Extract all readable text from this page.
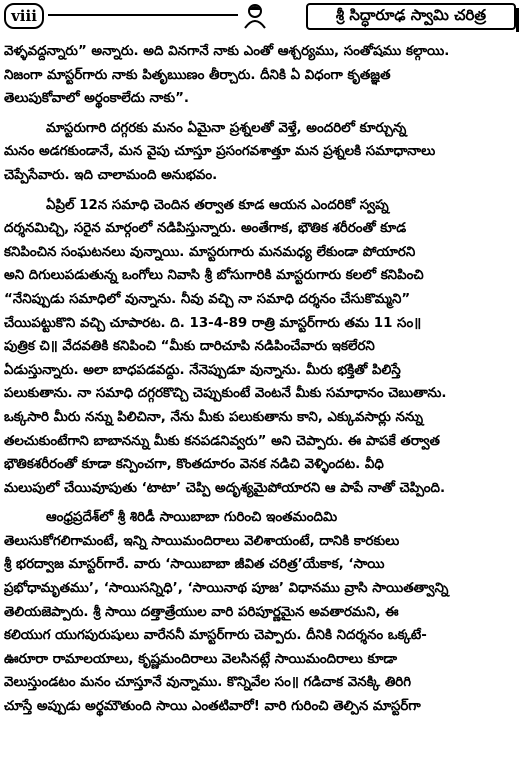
viii	శ్రీ సిద్ధారూఢ స్వామి చరిత్ర
వెళ్ళవద్దన్నారు” అన్నారు. అది వినగానే నాకు ఎంతో ఆశ్చర్యము, సంతోషము కల్గాయి.
నిజంగా మాస్టర్‌గారు నాకు పితృఋణం తీర్చారు. దీనికి ఏ విధంగా కృతజ్ఞత
తెలుపుకోవాలో అర్థంకాలేదు నాకు”.
మాస్టరుగారి దగ్గరకు మనం ఏమైనా ప్రశ్నలతో వెళ్తే, అందరిలో కూర్చున్న
మనం అడగకుండానే, మన వైపు చూస్తూ ప్రసంగవశాత్తూ మన ప్రశ్నలకి సమాధానాలు
చెప్పేసేవారు. ఇది చాలామంది అనుభవం.
ఏప్రిల్ 12న సమాధి చెందిన తర్వాత కూడ ఆయన ఎందరికో స్వప్న
దర్శనమిచ్చి, సరైన మార్గంలో నడిపిస్తున్నారు. అంతేగాక, భౌతిక శరీరంతో కూడ
కనిపించిన సంఘటనలు వున్నాయి. మాస్టరుగారు మనమధ్య లేకుండా పోయారని
అని దిగులుపడుతున్న ఒంగోలు నివాసి శ్రీ బోసుగారికి మాస్టరుగారు కలలో కనిపించి
“నేనిప్పుడు సమాధిలో వున్నాను. నీవు వచ్చి నా సమాధి దర్శనం చేసుకొమ్మని”
చేయిపట్టుకొని వచ్చి చూపారట. ది. 13-4-89 రాత్రి మాస్టర్‌గారు తమ 11 సం॥
పుత్రిక చి॥ వేదవతికి కనిపించి “మీకు దారిచూపి నడిపించేవారు ఇకలేరని
ఏడుస్తున్నారు. అలా బాధపడవద్దు. నేనెప్పుడూ వున్నాను. మీరు భక్తితో పిలిస్తే
పలుకుతాను. నా సమాధి దగ్గరకొచ్చి చెప్పుకుంటే వెంటనే మీకు సమాధానం చెబుతాను.
ఒక్కసారి మీరు నన్ను పిలిచినా, నేను మీకు పలుకుతాను కాని, ఎక్కువసార్లు నన్ను
తలచుకుంటేగాని బాబానన్ను మీకు కనపడనివ్వరు” అని చెప్పారు. ఈ పాపకే తర్వాత
భౌతికశరీరంతో కూడా కన్పించగా, కొంతదూరం వెనక నడిచి వెళ్ళిందట. వీధి
మలుపులో చేయివూపుతు ‘టాటా’ చెప్పి అదృశ్యమైపోయారని ఆ పాపే నాతో చెప్పింది.
ఆంధ్రప్రదేశ్‌లో శ్రీ శిరిడీ సాయిబాబా గురించి ఇంతమందిమి
తెలుసుకోగలిగామంటే, ఇన్ని సాయిమందిరాలు వెలిశాయంటే, దానికి కారకులు
శ్రీ భరద్వాజ మాస్టర్‌గారే. వారు ‘సాయిబాబా జీవిత చరిత్ర’యేకాక, ‘సాయి
ప్రభోధామృతము’, ‘సాయిసన్నిధి’, ‘సాయినాథ పూజ’ విధానము వ్రాసి సాయితత్వాన్ని
తెలియజెప్పారు. శ్రీ సాయి దత్తాత్రేయుల వారి పరిపూర్ణమైన అవతారమని, ఈ
కలియుగ యుగపురుషులు వారేననీ మాస్టర్‌గారు చెప్పారు. దీనికి నిదర్శనం ఒక్కటే-
ఊరూరా రామాలయాలు, కృష్ణమందిరాలు వెలసినట్లే సాయిమందిరాలు కూడా
వెలుస్తుండటం మనం చూస్తూనే వున్నాము. కొన్నివేల సం॥ గడిచాక వెనక్కి తిరిగి
చూస్తే అప్పుడు అర్థమౌతుంది సాయి ఎంతటివారో! వారి గురించి తెల్పిన మాస్టర్‌గా
